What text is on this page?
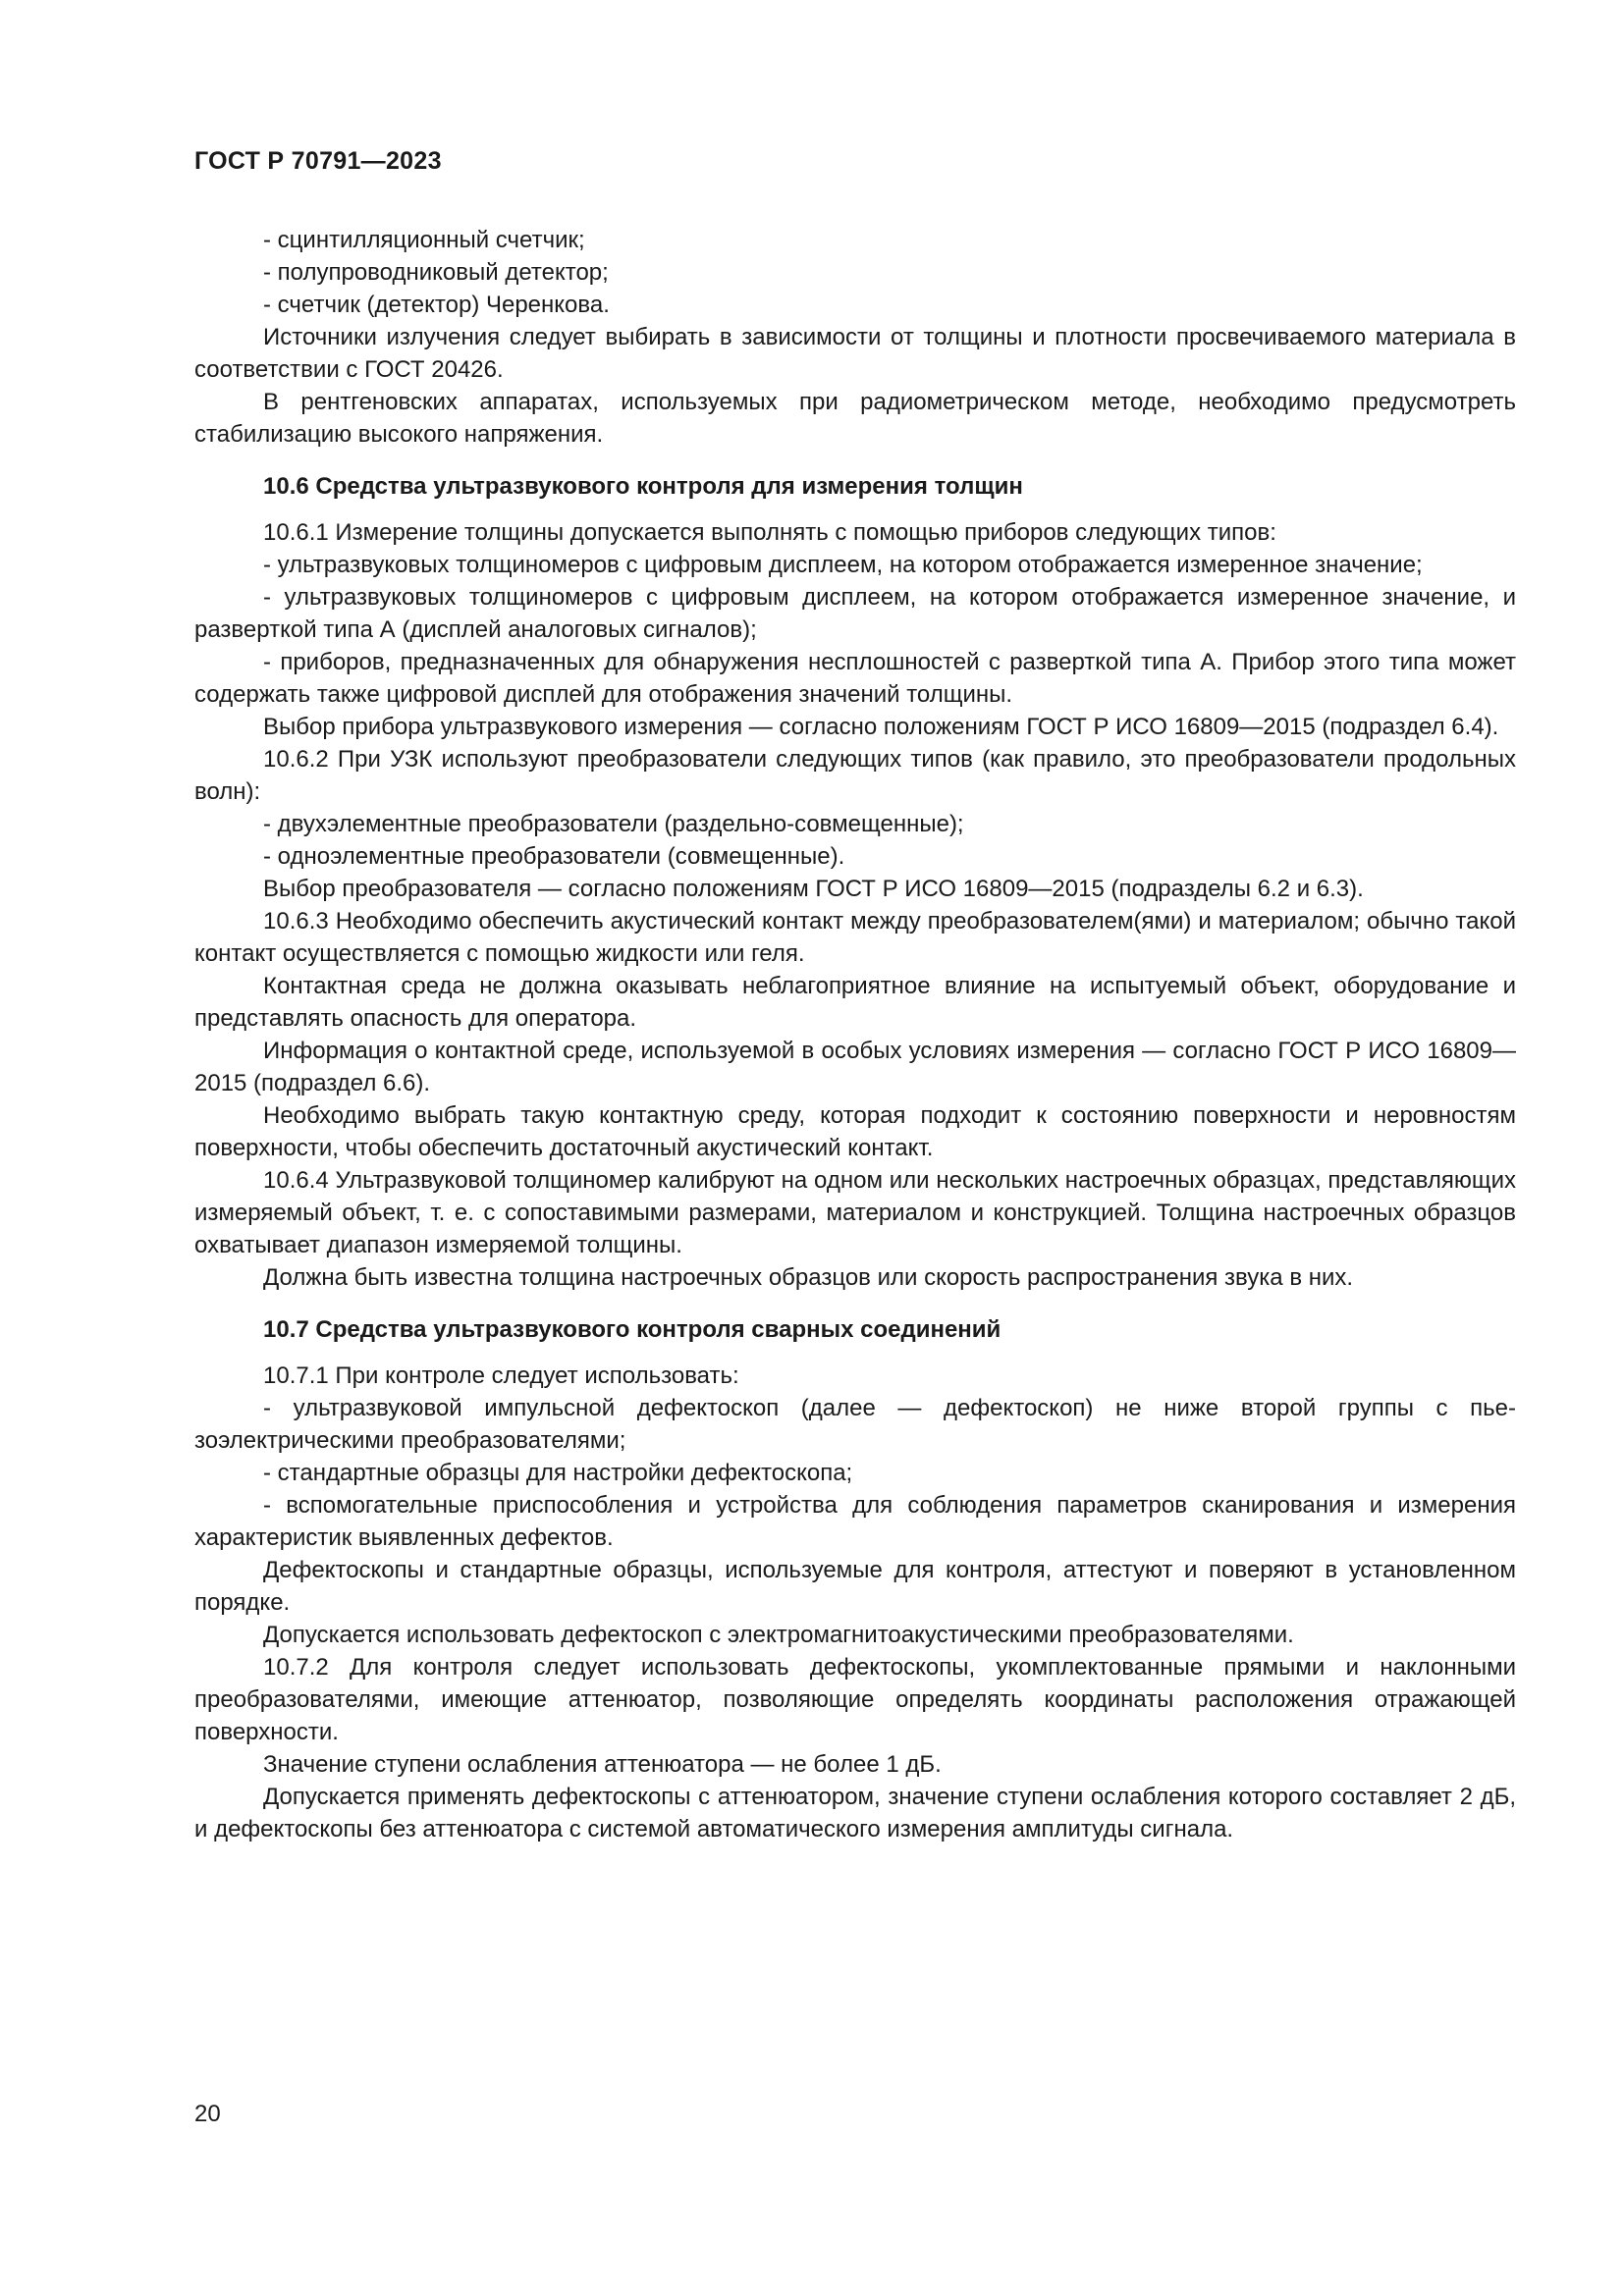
ГОСТ Р 70791—2023

- сцинтилляционный счетчик;

- полупроводниковый детектор;

- счетчик (детектор) Черенкова.

Источники излучения следует выбирать в зависимости от толщины и плотности просвечиваемого материала в соответствии с ГОСТ 20426.

В рентгеновских аппаратах, используемых при радиометрическом методе, необходимо предусмотреть стабилизацию высокого напряжения.

10.6 Средства ультразвукового контроля для измерения толщин

10.6.1 Измерение толщины допускается выполнять с помощью приборов следующих типов:

- ультразвуковых толщиномеров с цифровым дисплеем, на котором отображается измеренное значение;

- ультразвуковых толщиномеров с цифровым дисплеем, на котором отображается измеренное значение, и разверткой типа А (дисплей аналоговых сигналов);

- приборов, предназначенных для обнаружения несплошностей с разверткой типа А. Прибор этого типа может содержать также цифровой дисплей для отображения значений толщины.

Выбор прибора ультразвукового измерения — согласно положениям ГОСТ Р ИСО 16809—2015 (подраздел 6.4).

10.6.2 При УЗК используют преобразователи следующих типов (как правило, это преобразователи продольных волн):

- двухэлементные преобразователи (раздельно-совмещенные);

- одноэлементные преобразователи (совмещенные).

Выбор преобразователя — согласно положениям ГОСТ Р ИСО 16809—2015 (подразделы 6.2 и 6.3).

10.6.3 Необходимо обеспечить акустический контакт между преобразователем(ями) и материалом; обычно такой контакт осуществляется с помощью жидкости или геля.

Контактная среда не должна оказывать неблагоприятное влияние на испытуемый объект, оборудование и представлять опасность для оператора.

Информация о контактной среде, используемой в особых условиях измерения — согласно ГОСТ Р ИСО 16809—2015 (подраздел 6.6).

Необходимо выбрать такую контактную среду, которая подходит к состоянию поверхности и неровностям поверхности, чтобы обеспечить достаточный акустический контакт.

10.6.4 Ультразвуковой толщиномер калибруют на одном или нескольких настроечных образцах, представляющих измеряемый объект, т. е. с сопоставимыми размерами, материалом и конструкцией. Толщина настроечных образцов охватывает диапазон измеряемой толщины.

Должна быть известна толщина настроечных образцов или скорость распространения звука в них.

10.7 Средства ультразвукового контроля сварных соединений

10.7.1 При контроле следует использовать:

- ультразвуковой импульсной дефектоскоп (далее — дефектоскоп) не ниже второй группы с пьезоэлектрическими преобразователями;

- стандартные образцы для настройки дефектоскопа;

- вспомогательные приспособления и устройства для соблюдения параметров сканирования и измерения характеристик выявленных дефектов.

Дефектоскопы и стандартные образцы, используемые для контроля, аттестуют и поверяют в установленном порядке.

Допускается использовать дефектоскоп с электромагнитоакустическими преобразователями.

10.7.2 Для контроля следует использовать дефектоскопы, укомплектованные прямыми и наклонными преобразователями, имеющие аттенюатор, позволяющие определять координаты расположения отражающей поверхности.

Значение ступени ослабления аттенюатора — не более 1 дБ.

Допускается применять дефектоскопы с аттенюатором, значение ступени ослабления которого составляет 2 дБ, и дефектоскопы без аттенюатора с системой автоматического измерения амплитуды сигнала.

20
